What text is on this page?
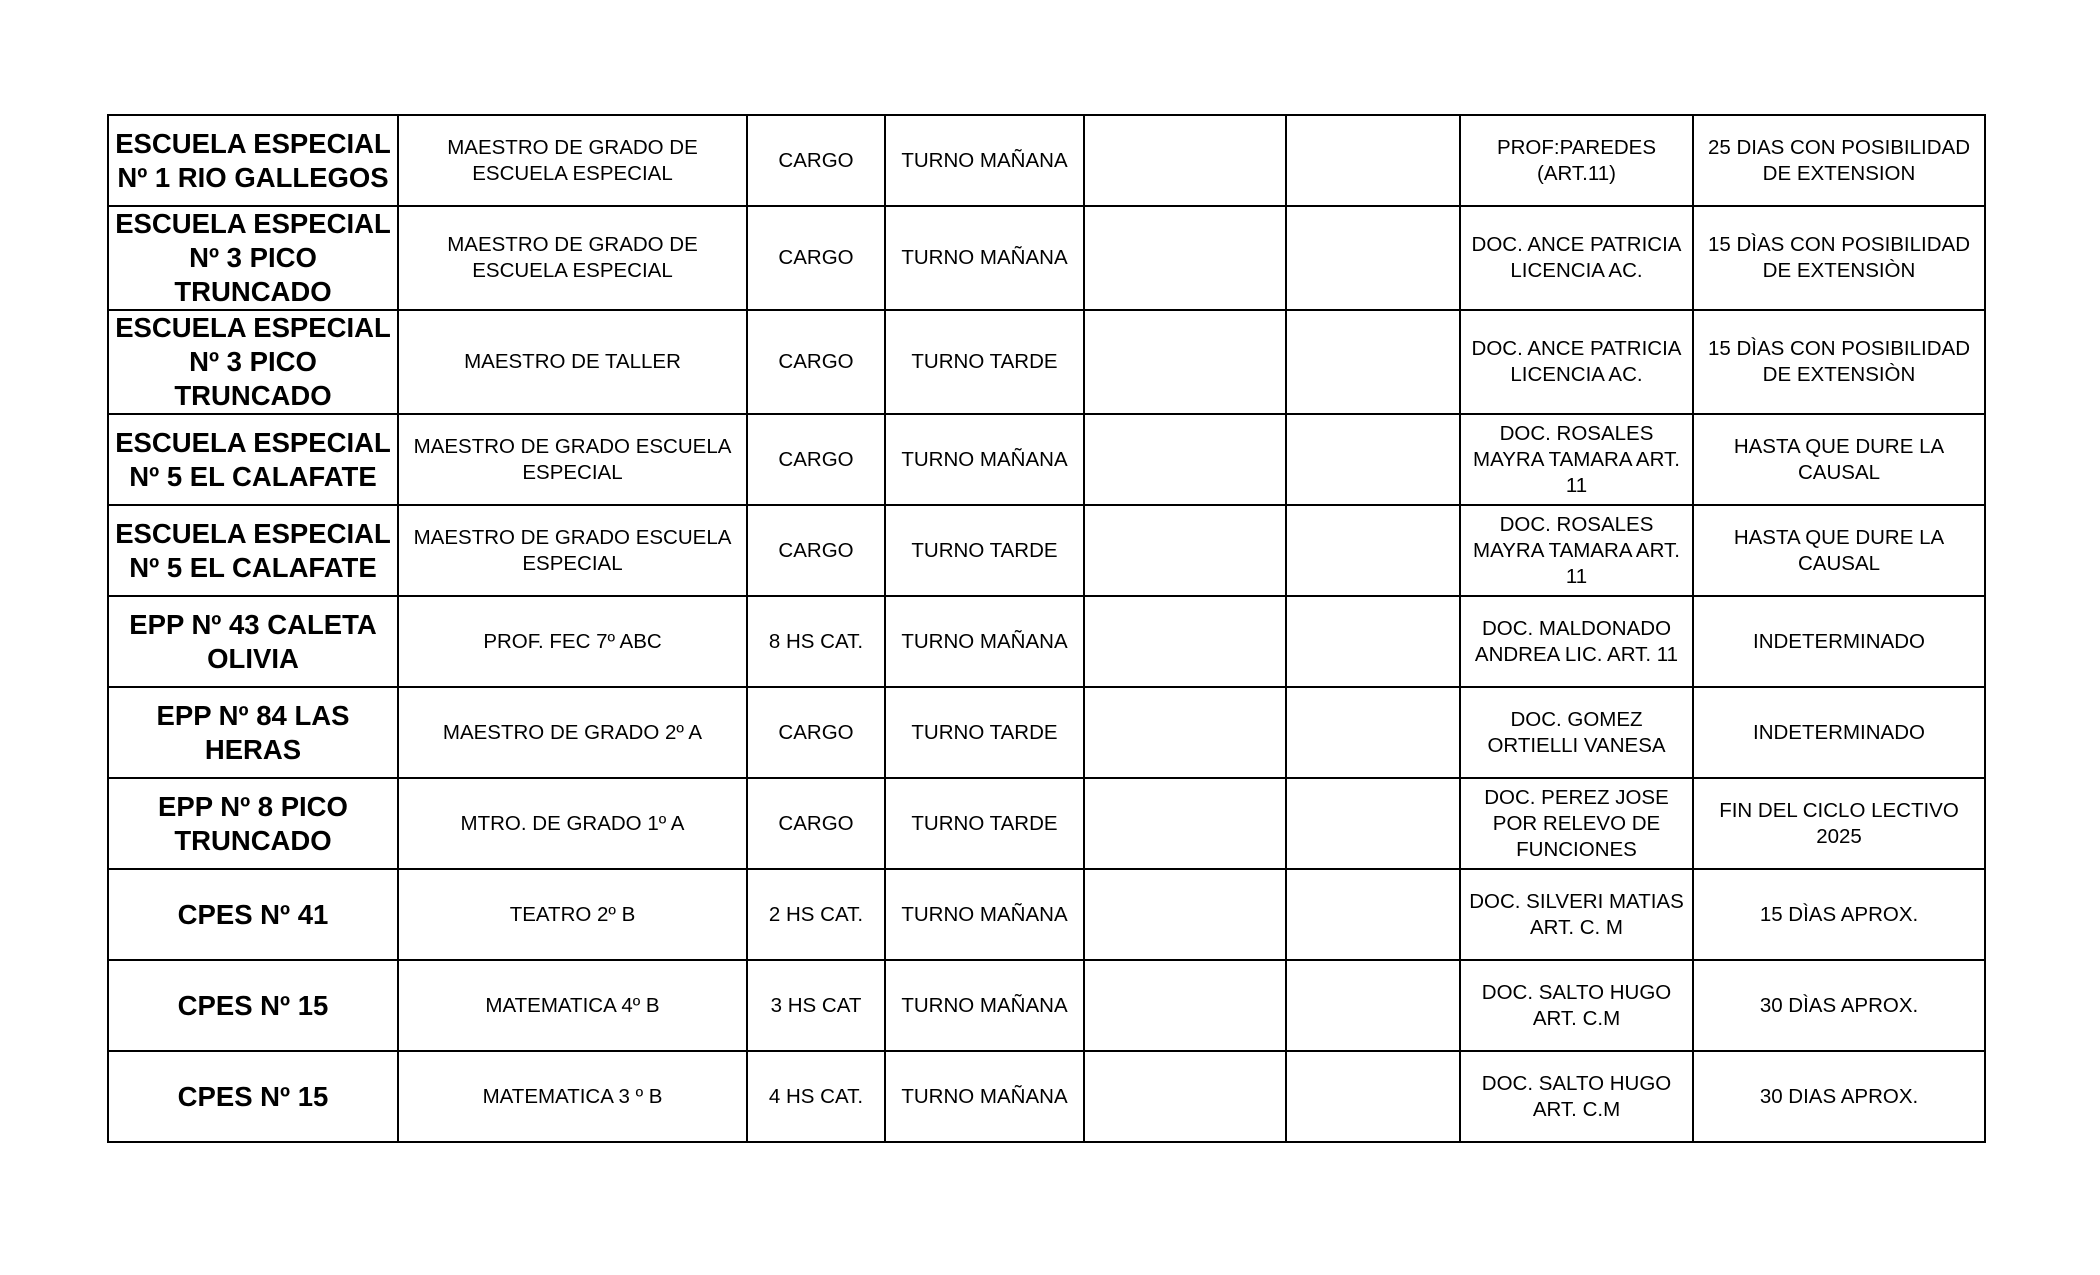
ESCUELA ESPECIAL Nº 1 RIO GALLEGOS	MAESTRO DE GRADO DE ESCUELA ESPECIAL	CARGO	TURNO MAÑANA			PROF:PAREDES (ART.11)	25 DIAS CON POSIBILIDAD DE EXTENSION

ESCUELA ESPECIAL Nº 3 PICO TRUNCADO	MAESTRO DE GRADO DE ESCUELA ESPECIAL	CARGO	TURNO MAÑANA			DOC. ANCE PATRICIA LICENCIA AC.	15 DÌAS CON POSIBILIDAD DE EXTENSIÒN

ESCUELA ESPECIAL Nº 3 PICO TRUNCADO	MAESTRO DE TALLER	CARGO	TURNO TARDE			DOC. ANCE PATRICIA LICENCIA AC.	15 DÌAS CON POSIBILIDAD DE EXTENSIÒN

ESCUELA ESPECIAL Nº 5 EL CALAFATE	MAESTRO DE GRADO ESCUELA ESPECIAL	CARGO	TURNO MAÑANA			DOC. ROSALES MAYRA TAMARA ART. 11	HASTA QUE DURE LA CAUSAL

ESCUELA ESPECIAL Nº 5 EL CALAFATE	MAESTRO DE GRADO ESCUELA ESPECIAL	CARGO	TURNO TARDE			DOC. ROSALES MAYRA TAMARA ART. 11	HASTA QUE DURE LA CAUSAL

EPP Nº 43 CALETA OLIVIA	PROF. FEC 7º ABC	8 HS CAT.	TURNO MAÑANA			DOC. MALDONADO ANDREA LIC. ART. 11	INDETERMINADO

EPP Nº 84 LAS HERAS	MAESTRO DE GRADO 2º A	CARGO	TURNO TARDE			DOC. GOMEZ ORTIELLI VANESA	INDETERMINADO

EPP Nº 8 PICO TRUNCADO	MTRO. DE GRADO 1º A	CARGO	TURNO TARDE			DOC. PEREZ JOSE POR RELEVO DE FUNCIONES	FIN DEL CICLO LECTIVO 2025

CPES Nº 41	TEATRO 2º B	2 HS CAT.	TURNO MAÑANA			DOC. SILVERI MATIAS ART. C. M	15 DÌAS APROX.

CPES Nº 15	MATEMATICA 4º B	3 HS CAT	TURNO MAÑANA			DOC. SALTO HUGO ART. C.M	30 DÌAS APROX.

CPES Nº 15	MATEMATICA 3 º B	4 HS CAT.	TURNO MAÑANA			DOC. SALTO HUGO ART. C.M	30 DIAS APROX.
